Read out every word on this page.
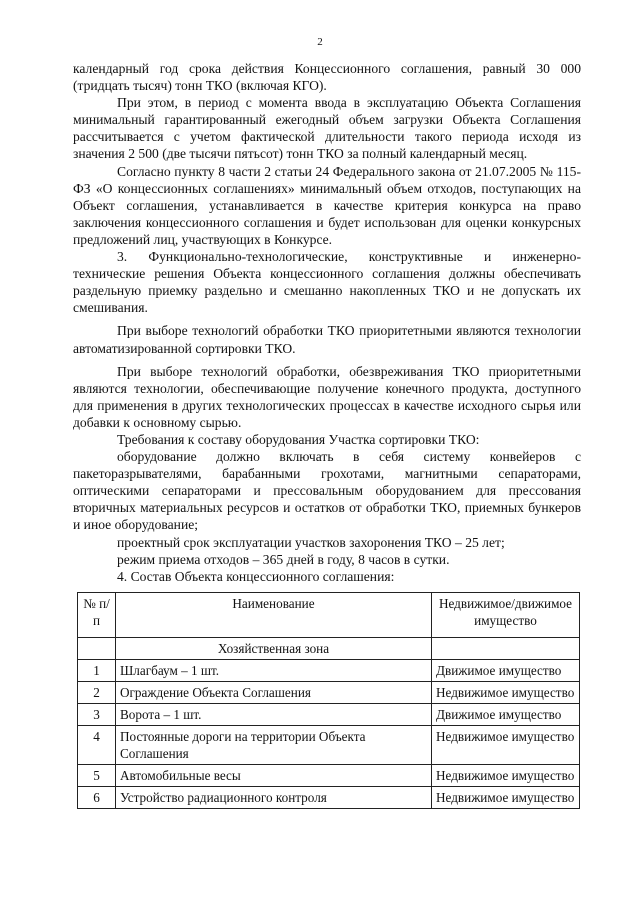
2

календарный год срока действия Концессионного соглашения, равный 30 000 (тридцать тысяч) тонн ТКО (включая КГО).

При этом, в период с момента ввода в эксплуатацию Объекта Соглашения минимальный гарантированный ежегодный объем загрузки Объекта Соглашения рассчитывается с учетом фактической длительности такого периода исходя из значения 2 500 (две тысячи пятьсот) тонн ТКО за полный календарный месяц.

Согласно пункту 8 части 2 статьи 24 Федерального закона от 21.07.2005 № 115-ФЗ «О концессионных соглашениях» минимальный объем отходов, поступающих на Объект соглашения, устанавливается в качестве критерия конкурса на право заключения концессионного соглашения и будет использован для оценки конкурсных предложений лиц, участвующих в Конкурсе.

3. Функционально-технологические, конструктивные и инженерно-технические решения Объекта концессионного соглашения должны обеспечивать раздельную приемку раздельно и смешанно накопленных ТКО и не допускать их смешивания.

При выборе технологий обработки ТКО приоритетными являются технологии автоматизированной сортировки ТКО.

При выборе технологий обработки, обезвреживания ТКО приоритетными являются технологии, обеспечивающие получение конечного продукта, доступного для применения в других технологических процессах в качестве исходного сырья или добавки к основному сырью.

Требования к составу оборудования Участка сортировки ТКО:

оборудование должно включать в себя систему конвейеров с пакеторазрывателями, барабанными грохотами, магнитными сепараторами, оптическими сепараторами и прессовальным оборудованием для прессования вторичных материальных ресурсов и остатков от обработки ТКО, приемных бункеров и иное оборудование;

проектный срок эксплуатации участков захоронения ТКО – 25 лет;

режим приема отходов – 365 дней в году, 8 часов в сутки.

4. Состав Объекта концессионного соглашения:

№ п/п	Наименование	Недвижимое/движимое имущество
	Хозяйственная зона	
1	Шлагбаум – 1 шт.	Движимое имущество
2	Ограждение Объекта Соглашения	Недвижимое имущество
3	Ворота – 1 шт.	Движимое имущество
4	Постоянные дороги на территории Объекта Соглашения	Недвижимое имущество
5	Автомобильные весы	Недвижимое имущество
6	Устройство радиационного контроля	Недвижимое имущество
